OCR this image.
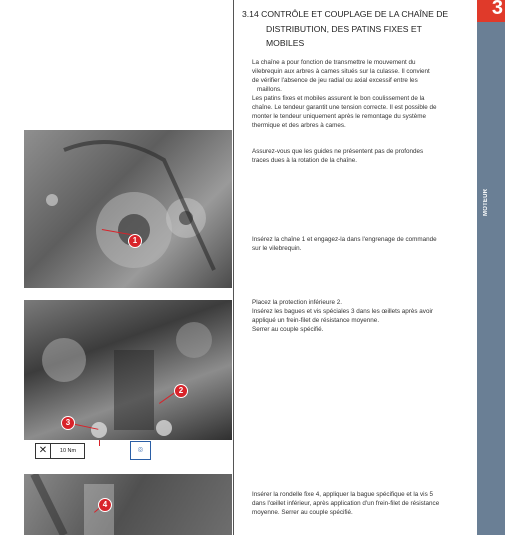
3
MOTEUR
3.14 CONTRÔLE ET COUPLAGE DE LA CHAÎNE DE
DISTRIBUTION, DES PATINS FIXES ET
MOBILES
La chaîne a pour fonction de transmettre le mouvement du
vilebrequin aux arbres à cames situés sur la culasse. Il convient
de vérifier l'absence de jeu radial ou axial excessif entre les
maillons.
Les patins fixes et mobiles assurent le bon coulissement de la
chaîne. Le tendeur garantit une tension correcte. Il est possible de
monter le tendeur uniquement après le remontage du système
thermique et des arbres à cames.
Assurez-vous que les guides ne présentent pas de profondes
traces dues à la rotation de la chaîne.
Insérez la chaîne 1 et engagez-la dans l'engrenage de commande
sur le vilebrequin.
Placez la protection inférieure 2.
Insérez les bagues et vis spéciales 3 dans les œillets après avoir
appliqué un frein-filet de résistance moyenne.
Serrer au couple spécifié.
Insérer la rondelle fixe 4, appliquer la bague spécifique et la vis 5
dans l'œillet inférieur, après application d'un frein-filet de résistance
moyenne. Serrer au couple spécifié.
1
2
3
✕	10 Nm	⌾
4
